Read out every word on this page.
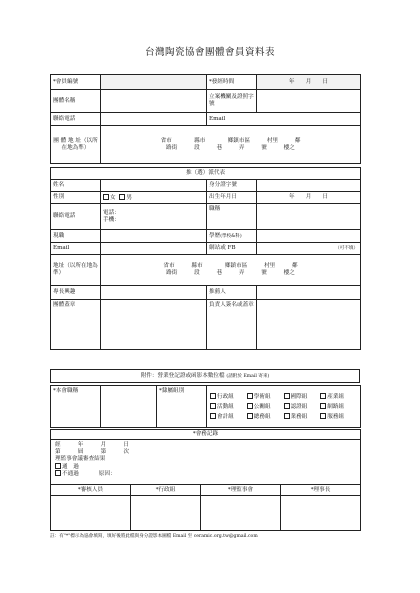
台灣陶瓷協會團體會員資料表
*會員編號		*發經時間	年　　月　　日
團體名稱		立案機關及證照字號	
聯絡電話		Email	
團 體 地 址（以所在地為準）	省市　　　　縣市　　　　鄉鎮市區　　　村里　　　鄰
路街　　　段　　　巷　　　弄　　　號　　　樓之		
推（選）派代表			
姓名		身分證字號	
性別	女 男	出生年月日	年　　月　　日
聯絡電話	電話：
手機：	職稱	
現職		學歷(學校&科)	
Email		網站或 FB	（可不填）
地址（以所在地為準）	省市　　　縣市　　　　鄉鎮市區　　　村里　　　鄰
路街　　　段　　　巷　　　弄　　　號　　　樓之		

專長興趣		推薦人	
團體蓋章		負責人簽名或蓋章	
附件：營業登記證或函影本數位檔 (請附於 Email 寄來)
*本會職稱		*隸屬組別	
行政組	學術組	國際組	產業組
活動組	公關組	認證組	網路組
會計組	總務組	業務組	服務組
*會務記錄			

經　　年　　月　　日
第　　屆　　第　　次
理監事會議審查結果
通　過
不通過 原因：			

*審核人員	*行政組	*理監事會	*理事長

註：有"*"標示為協會填寫，填好後將此檔與身分證影本圖檔 Email 至 ceramic.org.tw@gmail.com
